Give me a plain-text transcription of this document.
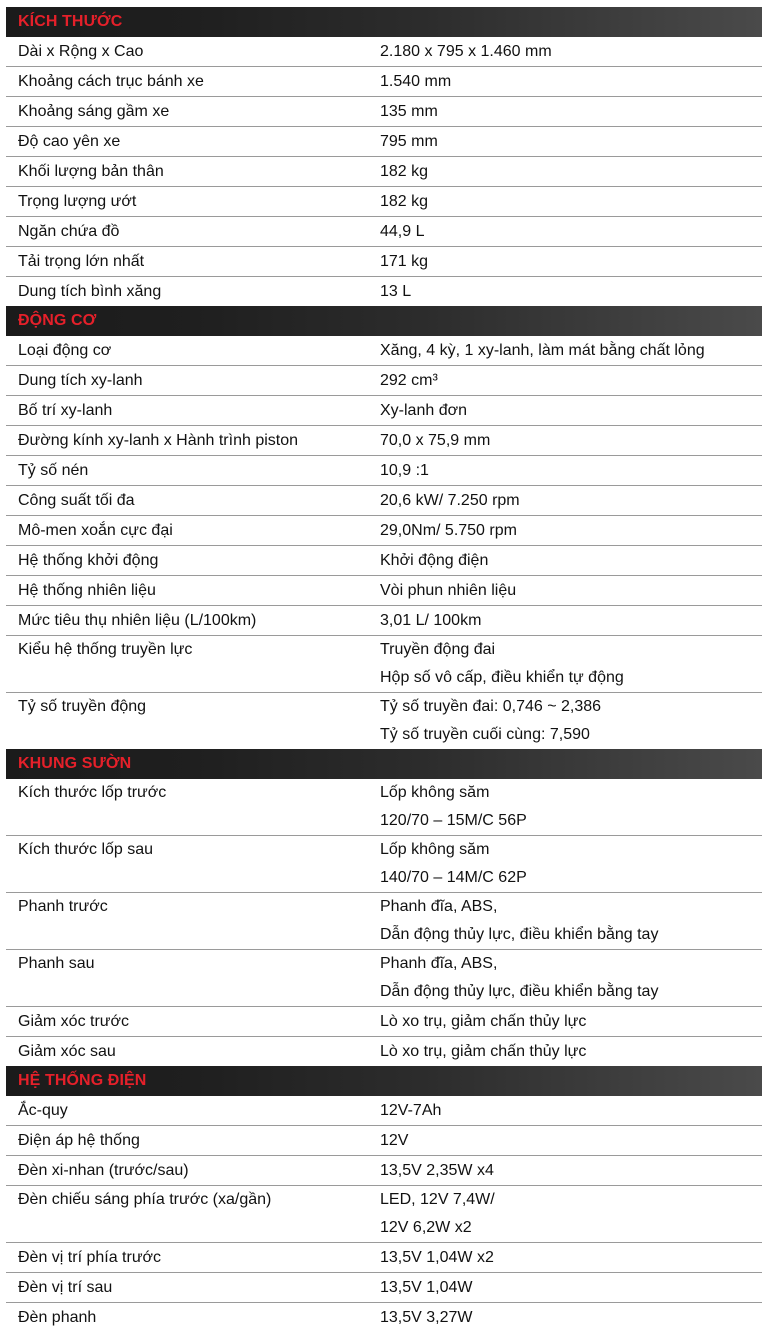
KÍCH THƯỚC
Dài x Rộng x Cao	2.180 x 795 x 1.460 mm
Khoảng cách trục bánh xe	1.540 mm
Khoảng sáng gầm xe	135 mm
Độ cao yên xe	795 mm
Khối lượng bản thân	182 kg
Trọng lượng ướt	182 kg
Ngăn chứa đồ	44,9 L
Tải trọng lớn nhất	171 kg
Dung tích bình xăng	13 L
ĐỘNG CƠ
Loại động cơ	Xăng, 4 kỳ, 1 xy-lanh, làm mát bằng chất lỏng
Dung tích xy-lanh	292 cm³
Bố trí xy-lanh	Xy-lanh đơn
Đường kính xy-lanh x Hành trình piston	70,0 x 75,9 mm
Tỷ số nén	10,9 :1
Công suất tối đa	20,6 kW/ 7.250 rpm
Mô-men xoắn cực đại	29,0Nm/ 5.750 rpm
Hệ thống khởi động	Khởi động điện
Hệ thống nhiên liệu	Vòi phun nhiên liệu
Mức tiêu thụ nhiên liệu (L/100km)	3,01 L/ 100km
Kiểu hệ thống truyền lực	Truyền động đai
Hộp số vô cấp, điều khiển tự động
Tỷ số truyền động	Tỷ số truyền đai: 0,746 ~ 2,386
Tỷ số truyền cuối cùng: 7,590
KHUNG SƯỜN
Kích thước lốp trước	Lốp không săm
120/70 – 15M/C 56P
Kích thước lốp sau	Lốp không săm
140/70 – 14M/C 62P
Phanh trước	Phanh đĩa, ABS,
Dẫn động thủy lực, điều khiển bằng tay
Phanh sau	Phanh đĩa, ABS,
Dẫn động thủy lực, điều khiển bằng tay
Giảm xóc trước	Lò xo trụ, giảm chấn thủy lực
Giảm xóc sau	Lò xo trụ, giảm chấn thủy lực
HỆ THỐNG ĐIỆN
Ắc-quy	12V-7Ah
Điện áp hệ thống	12V
Đèn xi-nhan (trước/sau)	13,5V 2,35W x4
Đèn chiếu sáng phía trước (xa/gần)	LED, 12V 7,4W/
12V 6,2W x2
Đèn vị trí phía trước	13,5V 1,04W x2
Đèn vị trí sau	13,5V 1,04W
Đèn phanh	13,5V 3,27W
